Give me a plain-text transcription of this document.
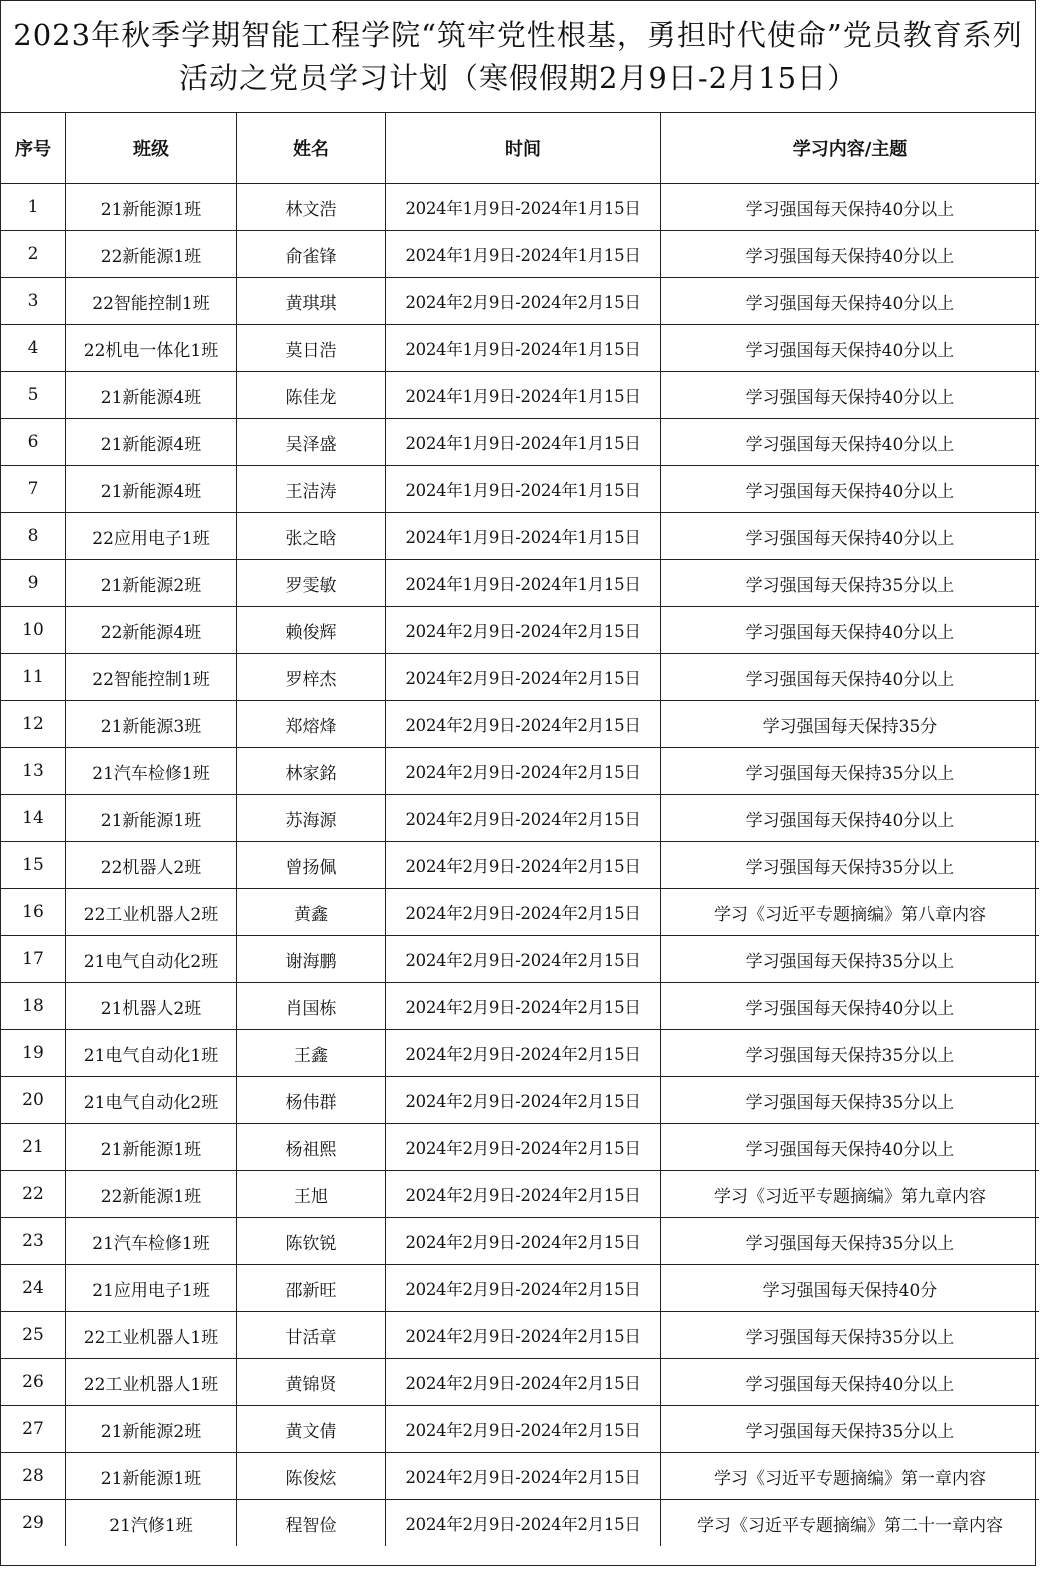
2023年秋季学期智能工程学院“筑牢党性根基，勇担时代使命”党员教育系列活动之党员学习计划（寒假假期2月9日-2月15日）
序号	班级	姓名	时间	学习内容/主题
1	21新能源1班	林文浩	2024年1月9日-2024年1月15日	学习强国每天保持40分以上
2	22新能源1班	俞雀锋	2024年1月9日-2024年1月15日	学习强国每天保持40分以上
3	22智能控制1班	黄琪琪	2024年2月9日-2024年2月15日	学习强国每天保持40分以上
4	22机电一体化1班	莫日浩	2024年1月9日-2024年1月15日	学习强国每天保持40分以上
5	21新能源4班	陈佳龙	2024年1月9日-2024年1月15日	学习强国每天保持40分以上
6	21新能源4班	吴泽盛	2024年1月9日-2024年1月15日	学习强国每天保持40分以上
7	21新能源4班	王洁涛	2024年1月9日-2024年1月15日	学习强国每天保持40分以上
8	22应用电子1班	张之晗	2024年1月9日-2024年1月15日	学习强国每天保持40分以上
9	21新能源2班	罗雯敏	2024年1月9日-2024年1月15日	学习强国每天保持35分以上
10	22新能源4班	赖俊辉	2024年2月9日-2024年2月15日	学习强国每天保持40分以上
11	22智能控制1班	罗梓杰	2024年2月9日-2024年2月15日	学习强国每天保持40分以上
12	21新能源3班	郑熔烽	2024年2月9日-2024年2月15日	学习强国每天保持35分
13	21汽车检修1班	林家銘	2024年2月9日-2024年2月15日	学习强国每天保持35分以上
14	21新能源1班	苏海源	2024年2月9日-2024年2月15日	学习强国每天保持40分以上
15	22机器人2班	曾扬佩	2024年2月9日-2024年2月15日	学习强国每天保持35分以上
16	22工业机器人2班	黄鑫	2024年2月9日-2024年2月15日	学习《习近平专题摘编》第八章内容
17	21电气自动化2班	谢海鹏	2024年2月9日-2024年2月15日	学习强国每天保持35分以上
18	21机器人2班	肖国栋	2024年2月9日-2024年2月15日	学习强国每天保持40分以上
19	21电气自动化1班	王鑫	2024年2月9日-2024年2月15日	学习强国每天保持35分以上
20	21电气自动化2班	杨伟群	2024年2月9日-2024年2月15日	学习强国每天保持35分以上
21	21新能源1班	杨祖熙	2024年2月9日-2024年2月15日	学习强国每天保持40分以上
22	22新能源1班	王旭	2024年2月9日-2024年2月15日	学习《习近平专题摘编》第九章内容
23	21汽车检修1班	陈钦锐	2024年2月9日-2024年2月15日	学习强国每天保持35分以上
24	21应用电子1班	邵新旺	2024年2月9日-2024年2月15日	学习强国每天保持40分
25	22工业机器人1班	甘活章	2024年2月9日-2024年2月15日	学习强国每天保持35分以上
26	22工业机器人1班	黄锦贤	2024年2月9日-2024年2月15日	学习强国每天保持40分以上
27	21新能源2班	黄文倩	2024年2月9日-2024年2月15日	学习强国每天保持35分以上
28	21新能源1班	陈俊炫	2024年2月9日-2024年2月15日	学习《习近平专题摘编》第一章内容
29	21汽修1班	程智俭	2024年2月9日-2024年2月15日	学习《习近平专题摘编》第二十一章内容
